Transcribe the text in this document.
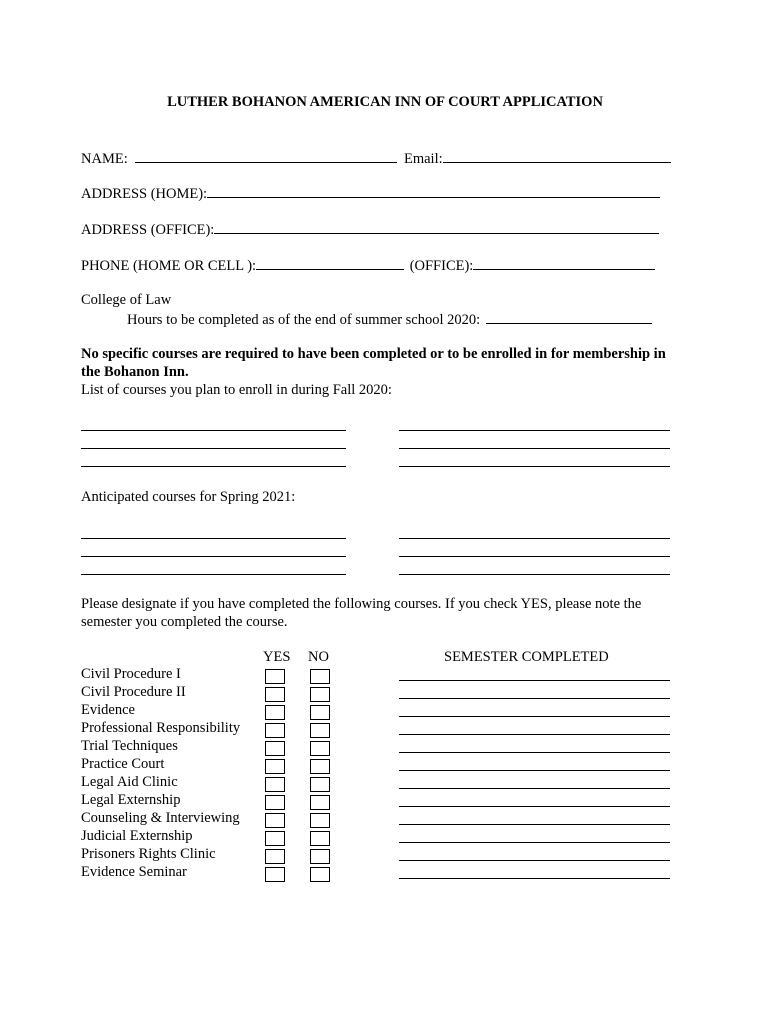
LUTHER BOHANON AMERICAN INN OF COURT APPLICATION
NAME:	Email:
ADDRESS (HOME):
ADDRESS (OFFICE):
PHONE (HOME OR CELL ):	(OFFICE):
College of Law
Hours to be completed as of the end of summer school 2020:
No specific courses are required to have been completed or to be enrolled in for membership in the Bohanon Inn.
List of courses you plan to enroll in during Fall 2020:
Anticipated courses for Spring 2021:
Please designate if you have completed the following courses. If you check YES, please note the
semester you completed the course.
YES NO	SEMESTER COMPLETED
Civil Procedure I
Civil Procedure II
Evidence
Professional Responsibility
Trial Techniques
Practice Court
Legal Aid Clinic
Legal Externship
Counseling & Interviewing
Judicial Externship
Prisoners Rights Clinic
Evidence Seminar
